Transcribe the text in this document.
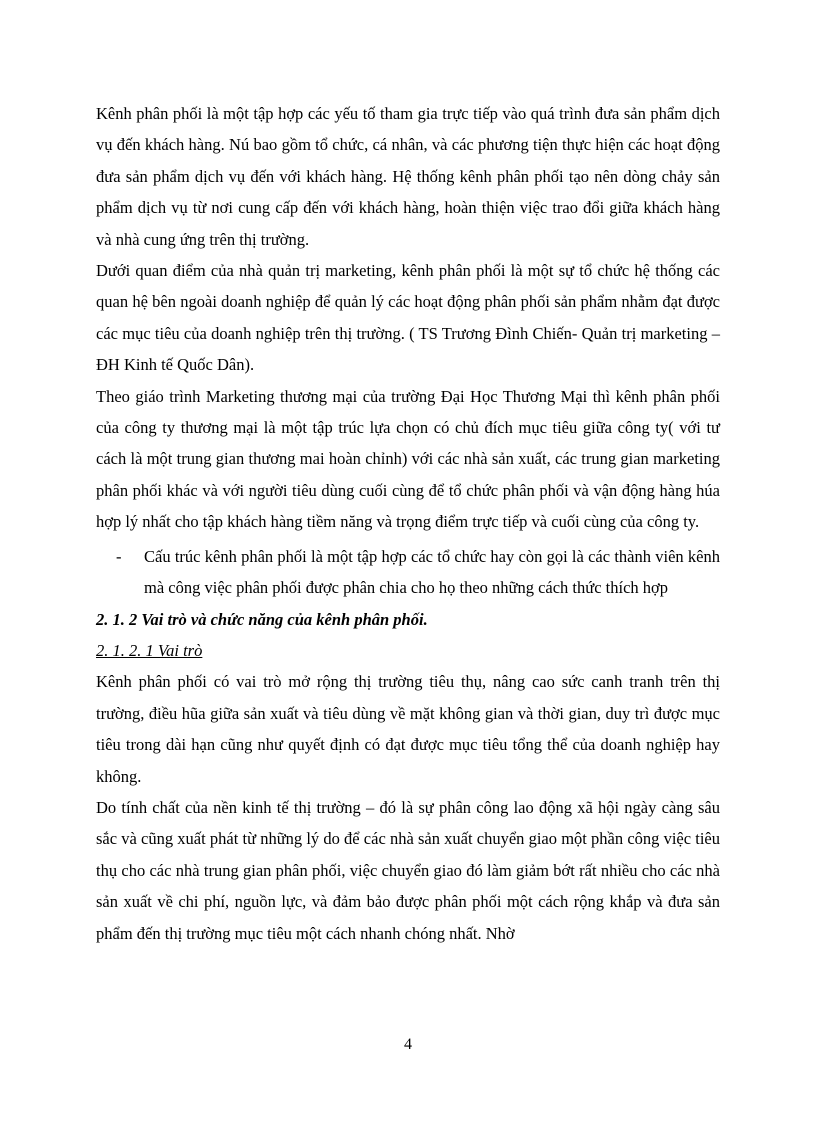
Kênh phân phối là một tập hợp các yếu tố tham gia trực tiếp vào quá trình đưa sản phẩm dịch vụ đến khách hàng. Nú bao gồm tổ chức, cá nhân, và các phương tiện thực hiện các hoạt động đưa sản phẩm dịch vụ đến với khách hàng. Hệ thống kênh phân phối tạo nên dòng chảy sản phẩm dịch vụ từ nơi cung cấp đến với khách hàng, hoàn thiện việc trao đổi giữa khách hàng và nhà cung ứng trên thị trường.

Dưới quan điểm của nhà quản trị marketing, kênh phân phối là một sự tổ chức hệ thống các quan hệ bên ngoài doanh nghiệp để quản lý các hoạt động phân phối sản phẩm nhằm đạt được các mục tiêu của doanh nghiệp trên thị trường. ( TS Trương Đình Chiến- Quản trị marketing – ĐH Kinh tế Quốc Dân).

Theo giáo trình Marketing thương mại của trường Đại Học Thương Mại thì kênh phân phối của công ty thương mại là một tập trúc lựa chọn có chủ đích mục tiêu giữa công ty( với tư cách là một trung gian thương mai hoàn chỉnh) với các nhà sản xuất, các trung gian marketing phân phối khác và với người tiêu dùng cuối cùng để tổ chức phân phối và vận động hàng húa hợp lý nhất cho tập khách hàng tiềm năng và trọng điểm trực tiếp và cuối cùng của công ty.

- Cấu trúc kênh phân phối là một tập hợp các tổ chức hay còn gọi là các thành viên kênh mà công việc phân phối được phân chia cho họ theo những cách thức thích hợp

2. 1. 2 Vai trò và chức năng của kênh phân phối.

2. 1. 2. 1 Vai trò

Kênh phân phối có vai trò mở rộng thị trường tiêu thụ, nâng cao sức canh tranh trên thị trường, điều hũa giữa sản xuất và tiêu dùng về mặt không gian và thời gian, duy trì được mục tiêu trong dài hạn cũng như quyết định có đạt được mục tiêu tổng thể của doanh nghiệp hay không.

Do tính chất của nền kinh tế thị trường – đó là sự phân công lao động xã hội ngày càng sâu sắc và cũng xuất phát từ những lý do để các nhà sản xuất chuyển giao một phần công việc tiêu thụ cho các nhà trung gian phân phối, việc chuyển giao đó làm giảm bớt rất nhiều cho các nhà sản xuất về chi phí, nguồn lực, và đảm bảo được phân phối một cách rộng khắp và đưa sản phẩm đến thị trường mục tiêu một cách nhanh chóng nhất. Nhờ

4
